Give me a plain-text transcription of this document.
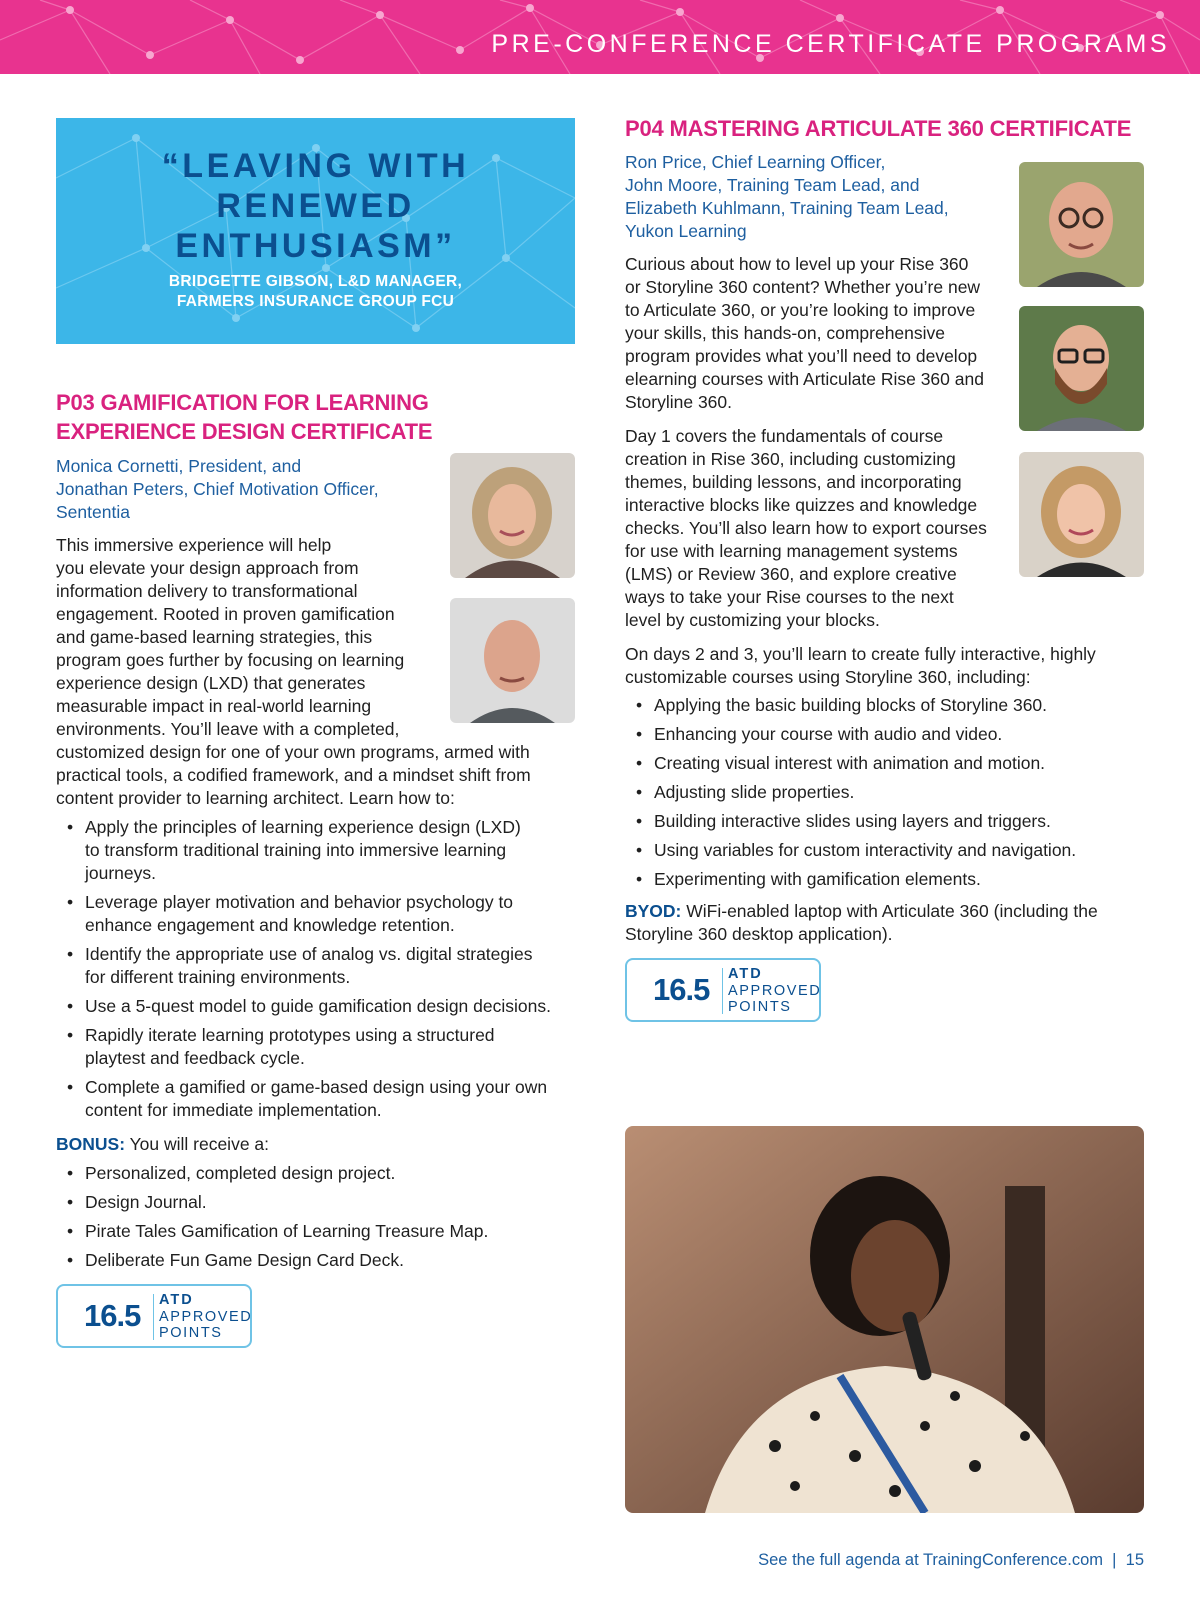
PRE-CONFERENCE CERTIFICATE PROGRAMS
“LEAVING WITH
RENEWED
ENTHUSIASM”
BRIDGETTE GIBSON, L&D MANAGER,
FARMERS INSURANCE GROUP FCU
P03 GAMIFICATION FOR LEARNING
EXPERIENCE DESIGN CERTIFICATE
Monica Cornetti, President, and
Jonathan Peters, Chief Motivation Officer,
Sententia
This immersive experience will help
you elevate your design approach from
information delivery to transformational
engagement. Rooted in proven gamification
and game-based learning strategies, this
program goes further by focusing on learning
experience design (LXD) that generates
measurable impact in real-world learning
environments. You’ll leave with a completed,
customized design for one of your own programs, armed with
practical tools, a codified framework, and a mindset shift from
content provider to learning architect. Learn how to:
• Apply the principles of learning experience design (LXD)
to transform traditional training into immersive learning
journeys.
• Leverage player motivation and behavior psychology to
enhance engagement and knowledge retention.
• Identify the appropriate use of analog vs. digital strategies
for different training environments.
• Use a 5-quest model to guide gamification design decisions.
• Rapidly iterate learning prototypes using a structured
playtest and feedback cycle.
• Complete a gamified or game-based design using your own
content for immediate implementation.
BONUS: You will receive a:
• Personalized, completed design project.
• Design Journal.
• Pirate Tales Gamification of Learning Treasure Map.
• Deliberate Fun Game Design Card Deck.
16.5 ATD
APPROVED
POINTS
P04 MASTERING ARTICULATE 360 CERTIFICATE
Ron Price, Chief Learning Officer,
John Moore, Training Team Lead, and
Elizabeth Kuhlmann, Training Team Lead,
Yukon Learning
Curious about how to level up your Rise 360
or Storyline 360 content? Whether you’re new
to Articulate 360, or you’re looking to improve
your skills, this hands-on, comprehensive
program provides what you’ll need to develop
elearning courses with Articulate Rise 360 and
Storyline 360.
Day 1 covers the fundamentals of course
creation in Rise 360, including customizing
themes, building lessons, and incorporating
interactive blocks like quizzes and knowledge
checks. You’ll also learn how to export courses
for use with learning management systems
(LMS) or Review 360, and explore creative
ways to take your Rise courses to the next
level by customizing your blocks.
On days 2 and 3, you’ll learn to create fully interactive, highly
customizable courses using Storyline 360, including:
• Applying the basic building blocks of Storyline 360.
• Enhancing your course with audio and video.
• Creating visual interest with animation and motion.
• Adjusting slide properties.
• Building interactive slides using layers and triggers.
• Using variables for custom interactivity and navigation.
• Experimenting with gamification elements.
BYOD: WiFi-enabled laptop with Articulate 360 (including the
Storyline 360 desktop application).
16.5 ATD
APPROVED
POINTS
See the full agenda at TrainingConference.com  |  15
